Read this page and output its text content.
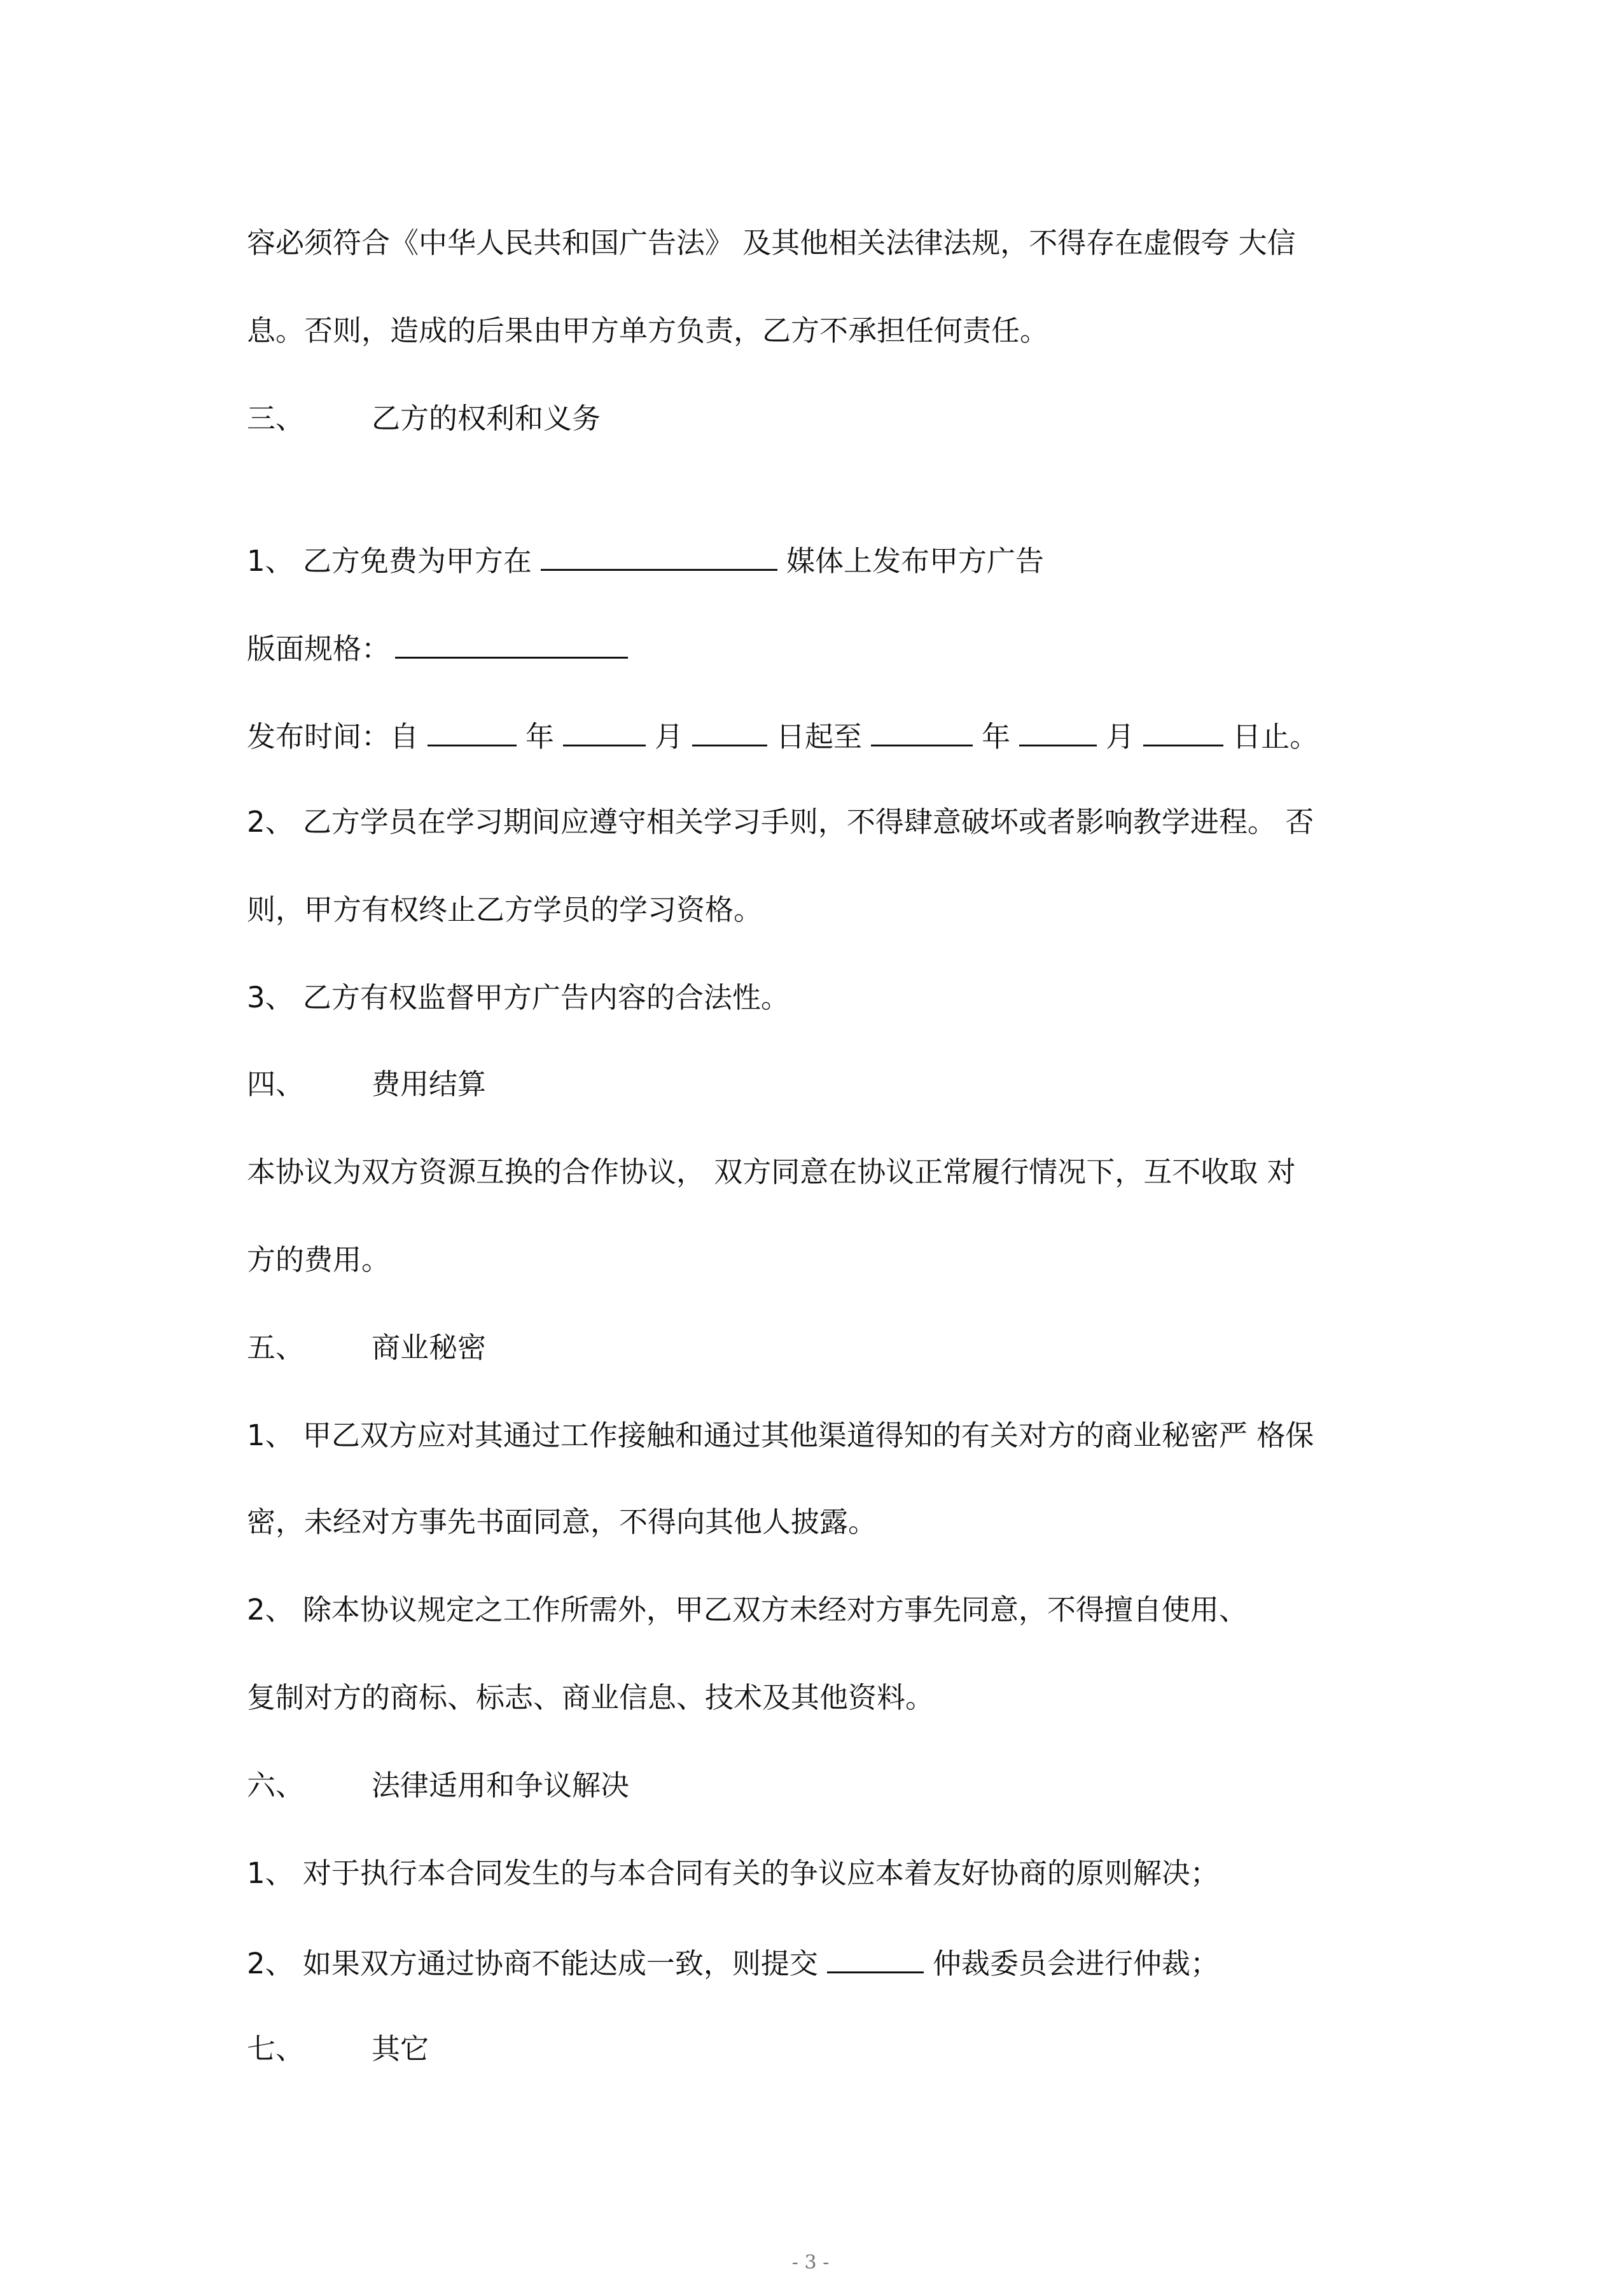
容必须符合《中华人民共和国广告法》 及其他相关法律法规，不得存在虚假夸 大信
息。否则，造成的后果由甲方单方负责，乙方不承担任何责任。
三、 乙方的权利和义务
1、 乙方免费为甲方在	媒体上发布甲方广告
版面规格：
发布时间：自	年	月	日起至	年	月	日止。
2、 乙方学员在学习期间应遵守相关学习手则，不得肆意破坏或者影响教学进程。 否
则，甲方有权终止乙方学员的学习资格。
3、 乙方有权监督甲方广告内容的合法性。
四、 费用结算
本协议为双方资源互换的合作协议， 双方同意在协议正常履行情况下，互不收取 对
方的费用。
五、 商业秘密
1、 甲乙双方应对其通过工作接触和通过其他渠道得知的有关对方的商业秘密严 格保
密，未经对方事先书面同意，不得向其他人披露。
2、 除本协议规定之工作所需外，甲乙双方未经对方事先同意，不得擅自使用、
复制对方的商标、标志、商业信息、技术及其他资料。
六、 法律适用和争议解决
1、 对于执行本合同发生的与本合同有关的争议应本着友好协商的原则解决；
2、 如果双方通过协商不能达成一致，则提交	仲裁委员会进行仲裁；
七、 其它
- 3 -
